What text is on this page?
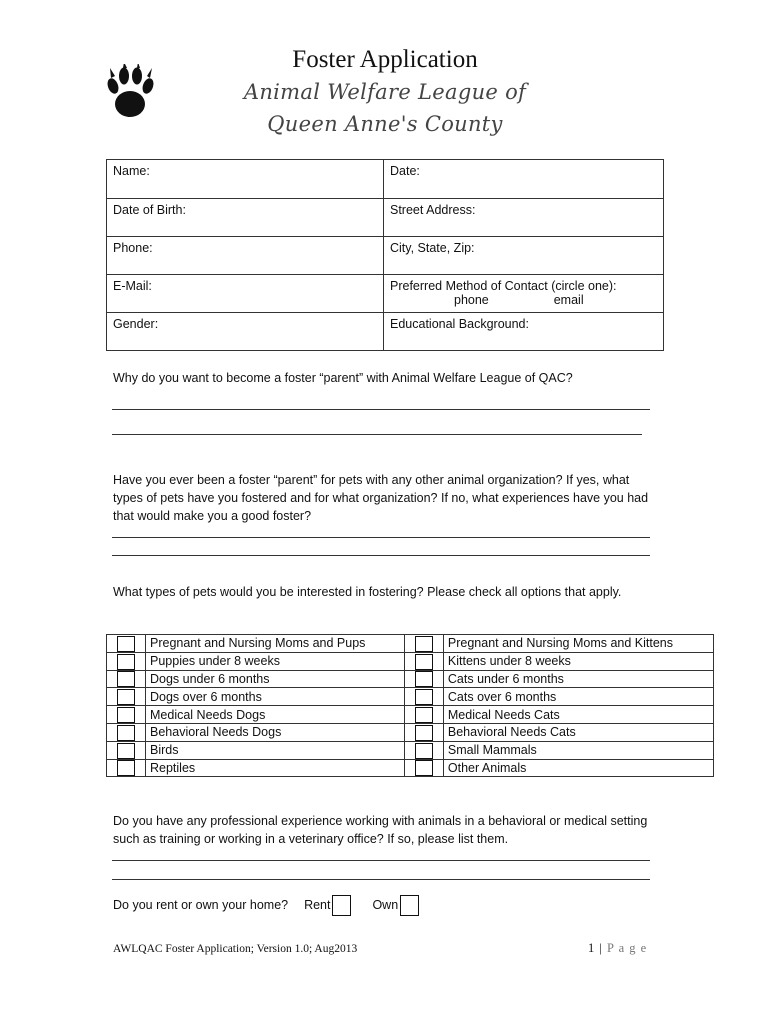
Foster Application
Animal Welfare League of
Queen Anne's County
Name:	Date:
Date of Birth:	Street Address:
Phone:	City, State, Zip:
E-Mail:	Preferred Method of Contact (circle one):
phone email

Gender:	Educational Background:
Why do you want to become a foster “parent” with Animal Welfare League of QAC?
Have you ever been a foster “parent” for pets with any other animal organization? If yes, what types of pets have you fostered and for what organization? If no, what experiences have you had that would make you a good foster?
What types of pets would you be interested in fostering? Please check all options that apply.
	Pregnant and Nursing Moms and Pups		Pregnant and Nursing Moms and Kittens
	Puppies under 8 weeks		Kittens under 8 weeks
	Dogs under 6 months		Cats under 6 months
	Dogs over 6 months		Cats over 6 months
	Medical Needs Dogs		Medical Needs Cats
	Behavioral Needs Dogs		Behavioral Needs Cats
	Birds		Small Mammals
	Reptiles		Other Animals
Do you have any professional experience working with animals in a behavioral or medical setting such as training or working in a veterinary office? If so, please list them.
Do you rent or own your home? Rent	Own
AWLQAC Foster Application; Version 1.0; Aug2013	1 | P a g e
